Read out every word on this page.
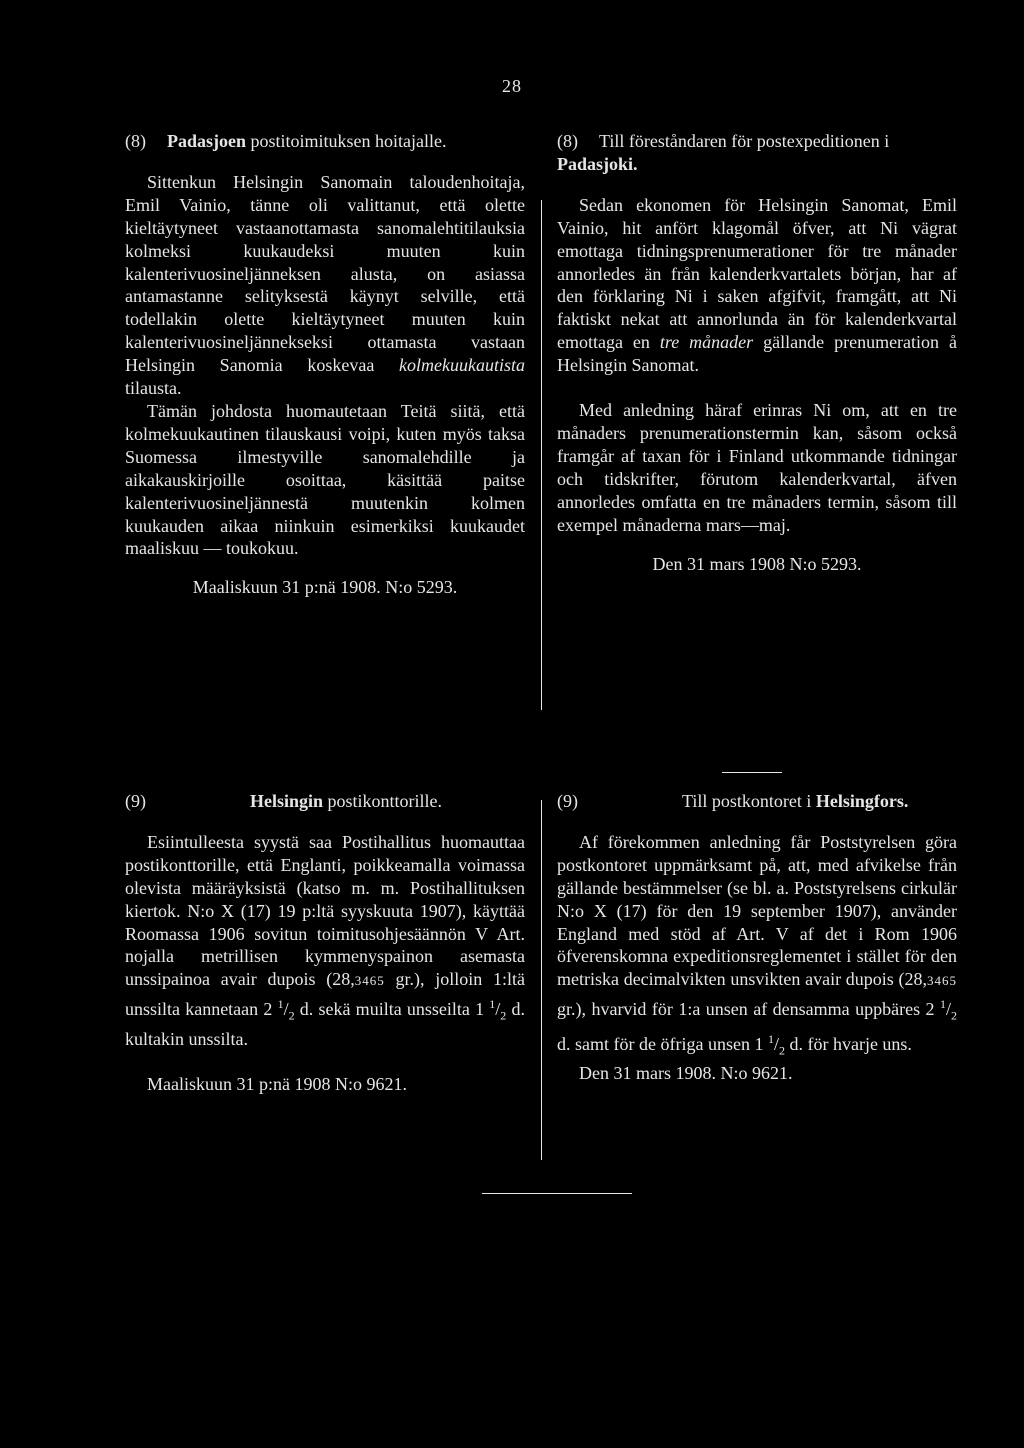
28

(8) Padasjoen postitoimituksen hoitajalle.

Sittenkun Helsingin Sanomain taloudenhoitaja, Emil Vainio, tänne oli valittanut, että olette kieltäytyneet vastaanottamasta sanomalehtitilauksia kolmeksi kuukaudeksi muuten kuin kalenterivuosineljänneksen alusta, on asiassa antamastanne selityksestä käynyt selville, että todellakin olette kieltäytyneet muuten kuin kalenterivuosineljännekseksi ottamasta vastaan Helsingin Sanomia koskevaa kolmekuukautista tilausta.

Tämän johdosta huomautetaan Teitä siitä, että kolmekuukautinen tilauskausi voipi, kuten myös taksa Suomessa ilmestyville sanomalehdille ja aikakauskirjoille osoittaa, käsittää paitse kalenterivuosineljännestä muutenkin kolmen kuukauden aikaa niinkuin esimerkiksi kuukaudet maaliskuu — toukokuu.

Maaliskuun 31 p:nä 1908. N:o 5293.

(8) Till föreståndaren för postexpeditionen i Padasjoki.

Sedan ekonomen för Helsingin Sanomat, Emil Vainio, hit anfört klagomål öfver, att Ni vägrat emottaga tidningsprenumerationer för tre månader annorledes än från kalenderkvartalets början, har af den förklaring Ni i saken afgifvit, framgått, att Ni faktiskt nekat att annorlunda än för kalenderkvartal emottaga en tre månader gällande prenumeration å Helsingin Sanomat.

Med anledning häraf erinras Ni om, att en tre månaders prenumerationstermin kan, såsom också framgår af taxan för i Finland utkommande tidningar och tidskrifter, förutom kalenderkvartal, äfven annorledes omfatta en tre månaders termin, såsom till exempel månaderna mars—maj.

Den 31 mars 1908 N:o 5293.

(9)	Helsingin postikonttorille.

Esiintulleesta syystä saa Postihallitus huomauttaa postikonttorille, että Englanti, poikkeamalla voimassa olevista määräyksistä (katso m. m. Postihallituksen kiertok. N:o X (17) 19 p:ltä syyskuuta 1907), käyttää Roomassa 1906 sovitun toimitusohjesäännön V Art. nojalla metrillisen kymmenyspainon asemasta unssipainoa avair dupois (28,3465 gr.), jolloin 1:ltä unssilta kannetaan 2 $^1/_2$ d. sekä muilta unsseilta 1 $^1/_2$ d. kultakin unssilta.

Maaliskuun 31 p:nä 1908 N:o 9621.

(9)	Till postkontoret i Helsingfors.

Af förekommen anledning får Poststyrelsen göra postkontoret uppmärksamt på, att, med afvikelse från gällande bestämmelser (se bl. a. Poststyrelsens cirkulär N:o X (17) för den 19 september 1907), använder England med stöd af Art. V af det i Rom 1906 öfverenskomna expeditionsreglementet i stället för den metriska decimalvikten unsvikten avair dupois (28,3465 gr.), hvarvid för 1:a unsen af densamma uppbäres 2 $^1/_2$ d. samt för de öfriga unsen 1 $^1/_2$ d. för hvarje uns.

Den 31 mars 1908. N:o 9621.
